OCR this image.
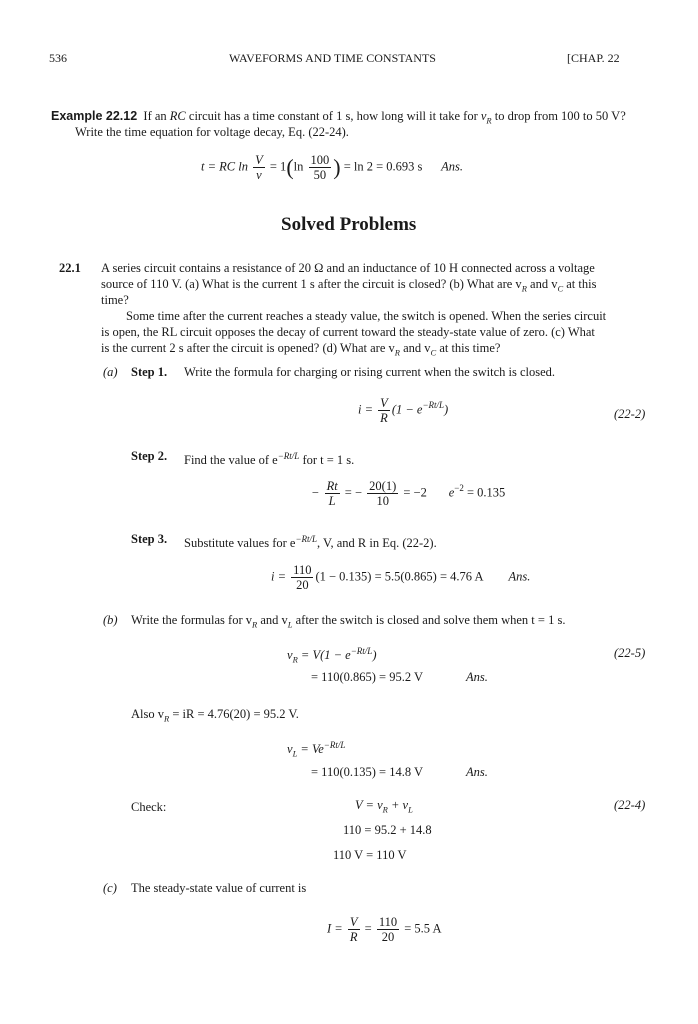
536	WAVEFORMS AND TIME CONSTANTS	[CHAP. 22
Example 22.12 If an RC circuit has a time constant of 1 s, how long will it take for $v_R$ to drop from 100 to 50 V?
Write the time equation for voltage decay, Eq. (22-24).
t = RC $\ln \frac{V}{v} = 1(\ln \frac{100}{50}$ ) = ln 2 = 0.693 s Ans.
Solved Problems
22.1 A series circuit contains a resistance of 20 Ω and an inductance of 10 H connected across a voltage
source of 110 V. (a) What is the current 1 s after the circuit is closed? (b) What are $v_R$ and $v_C$ at this
time?
Some time after the current reaches a steady value, the switch is opened. When the series circuit
is open, the RL circuit opposes the decay of current toward the steady-state value of zero. (c) What
is the current 2 s after the circuit is opened? (d) What are $v_R$ and $v_C$ at this time?
(a) Step 1. Write the formula for charging or rising current when the switch is closed.
$i = \frac{V}{R} (1 - e^{-Rt/L})$	(22-2)
Step 2. Find the value of $e^{-Rt/L}$ for t = 1 s.
− $\frac{Rt}{L}$ = − $\frac{20(1)}{10} = -2$ $e^{-2} = 0.135$
Step 3. Substitute values for $e^{-Rt/L}$, V, and R in Eq. (22-2).
$i = \frac{110}{20} (1 - 0.135) = 5.5(0.865) = 4.76$ A Ans.
(b) Write the formulas for $v_R$ and $v_L$ after the switch is closed and solve them when t = 1 s.
$v_R = V(1 - e^{-Rt/L})$	(22-5)
= 110(0.865) = 95.2 V	Ans.
Also $v_R$ = iR = 4.76(20) = 95.2 V.
$v_L = Ve^{-Rt/L}$
= 110(0.135) = 14.8 V	Ans.
Check:	$V = v_R + v_L$	(22-4)
110 = 95.2 + 14.8
110 V = 110 V
(c) The steady-state value of current is
$I = \frac{V}{R} = \frac{110}{20} = 5.5$ A
